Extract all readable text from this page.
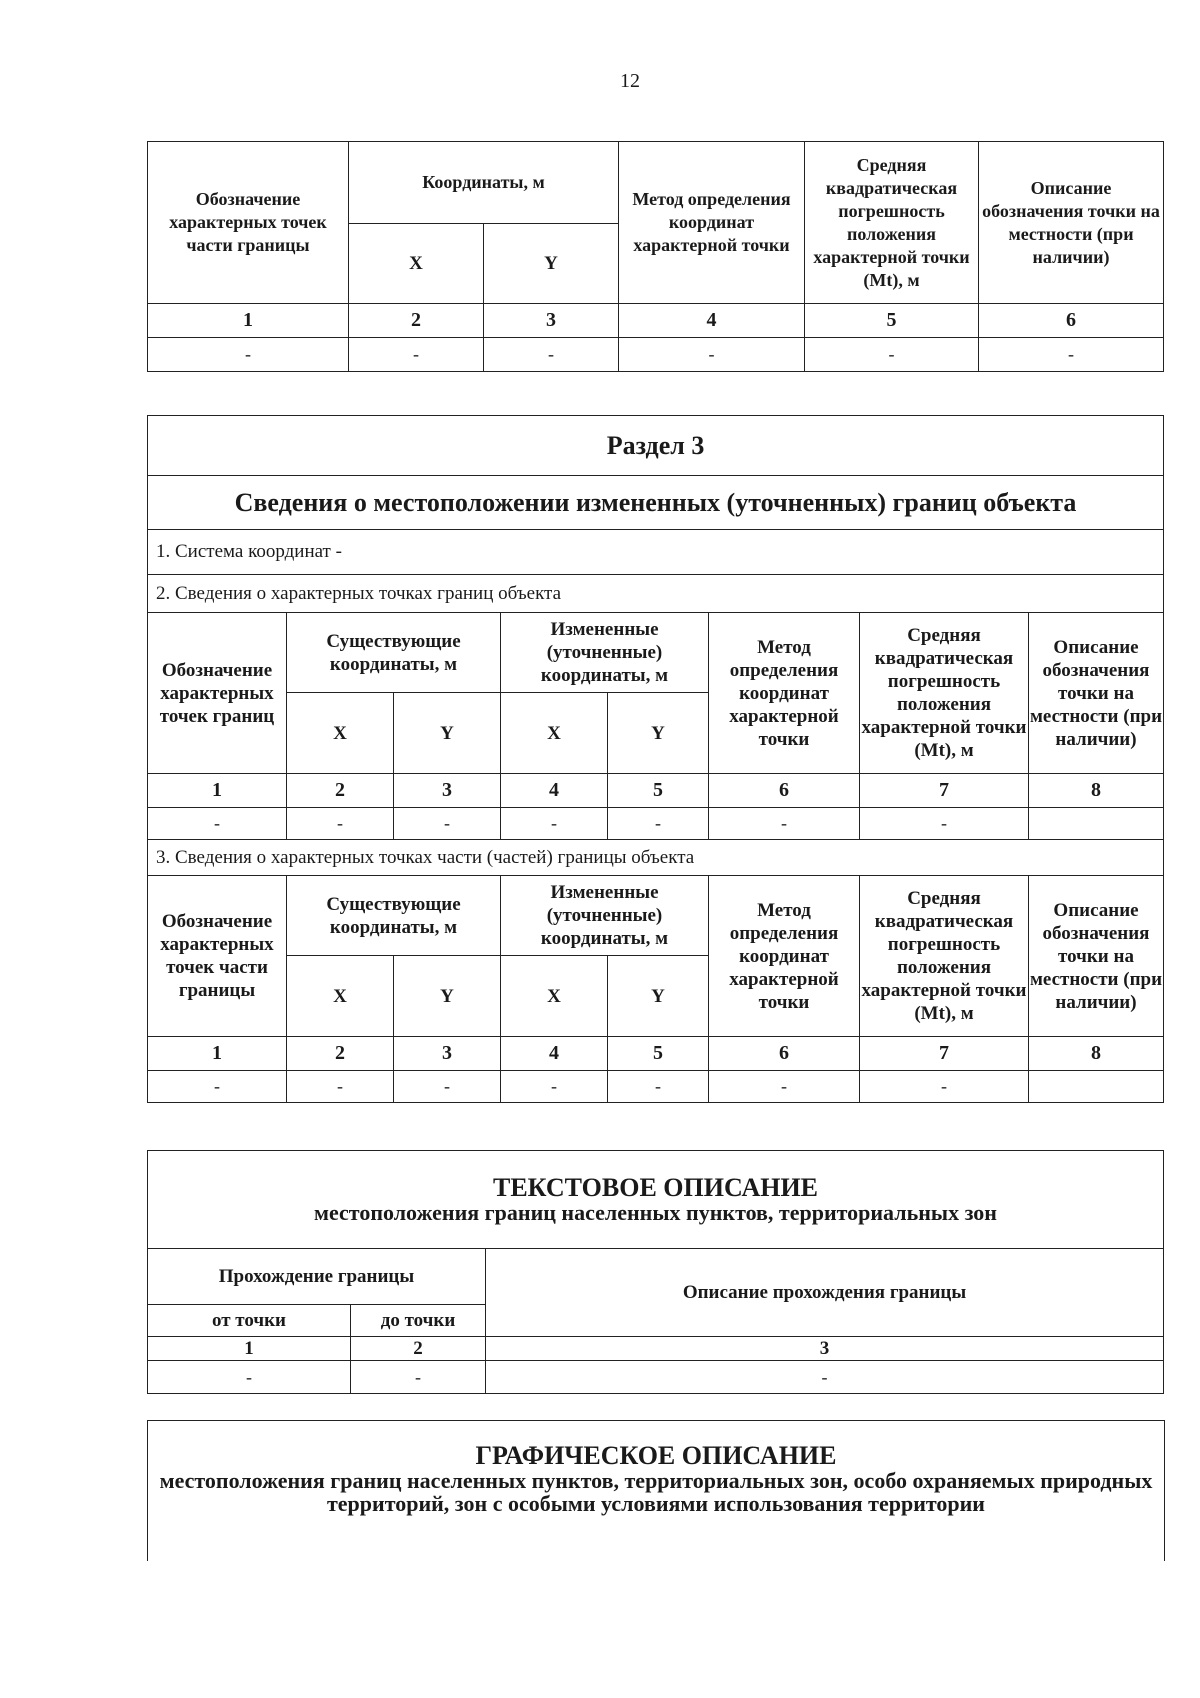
12
Обозначение характерных точек части границы	Координаты, м		Метод определения координат характерной точки	Средняя квадратическая погрешность положения характерной точки (Mt), м	Описание обозначения точки на местности (при наличии)
	X	Y			
1	2	3	4	5	6
-	-	-	-	-	-
Раздел 3							
Сведения о местоположении измененных (уточненных) границ объекта							
1. Система координат -							
2. Сведения о характерных точках границ объекта							
Обозначение характерных точек границ	Существующие координаты, м		Измененные (уточненные) координаты, м		Метод определения координат характерной точки	Средняя квадратическая погрешность положения характерной точки (Mt), м	Описание обозначения точки на местности (при наличии)
	X	Y	X	Y			
1	2	3	4	5	6	7	8
-	-	-	-	-	-	-	
3. Сведения о характерных точках части (частей) границы объекта							
Обозначение характерных точек части границы	Существующие координаты, м		Измененные (уточненные) координаты, м		Метод определения координат характерной точки	Средняя квадратическая погрешность положения характерной точки (Mt), м	Описание обозначения точки на местности (при наличии)
	X	Y	X	Y			
1	2	3	4	5	6	7	8
-	-	-	-	-	-	-	
ТЕКСТОВОЕ ОПИСАНИЕ
местоположения границ населенных пунктов, территориальных зон		

Прохождение границы		Описание прохождения границы
от точки	до точки	
1	2	3
-	-	-
ГРАФИЧЕСКОЕ ОПИСАНИЕ
местоположения границ населенных пунктов, территориальных зон, особо охраняемых природных территорий, зон с особыми условиями использования территории
